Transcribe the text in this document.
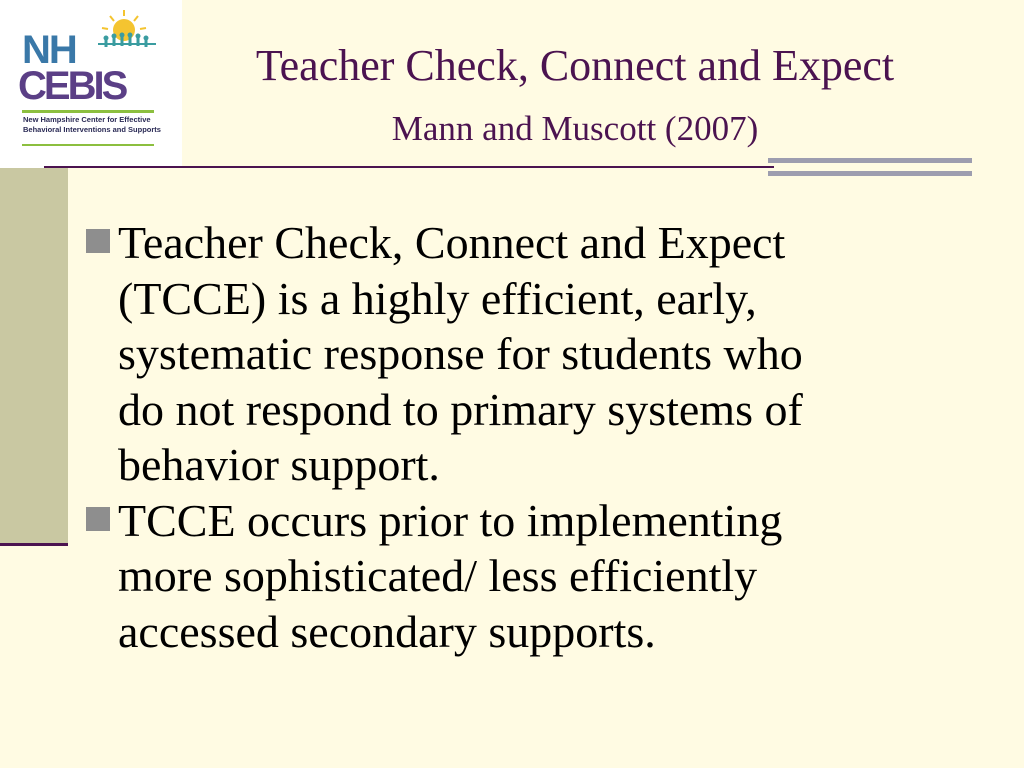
NH
CEBIS
New Hampshire Center for Effective
Behavioral Interventions and Supports
Teacher Check, Connect and Expect
Mann and Muscott (2007)
Teacher Check, Connect and Expect
(TCCE) is a highly efficient, early,
systematic response for students who
do not respond to primary systems of
behavior support.
TCCE occurs prior to implementing
more sophisticated/ less efficiently
accessed secondary supports.
